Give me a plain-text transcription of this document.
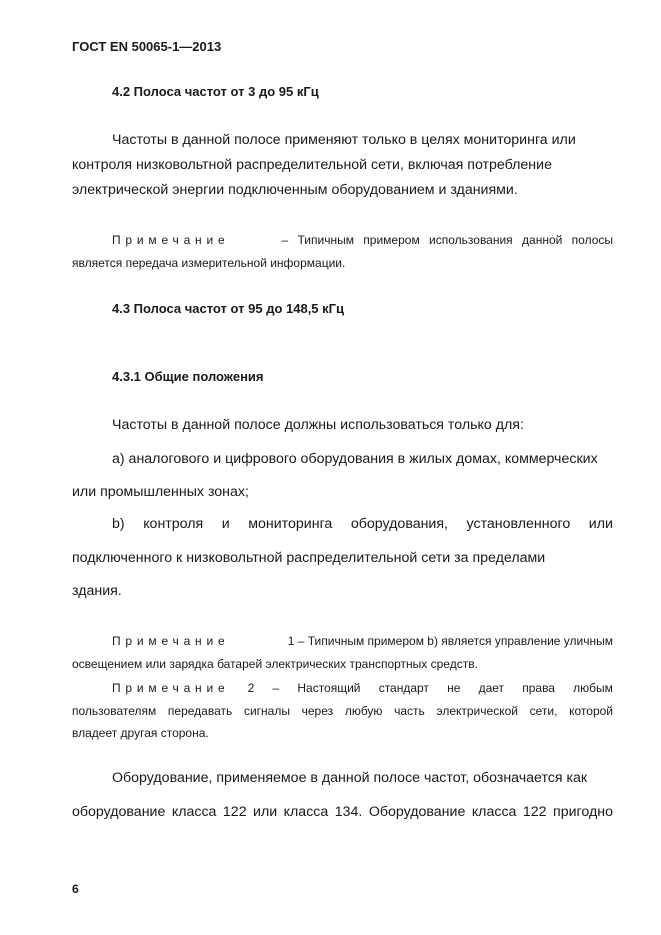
ГОСТ EN 50065-1—2013
4.2 Полоса частот от 3 до 95 кГц
Частоты в данной полосе применяют только в целях мониторинга или
контроля низковольтной распределительной сети, включая потребление
электрической энергии подключенным оборудованием и зданиями.
Примечание	– Типичным примером использования данной полосы
является передача измерительной информации.
4.3 Полоса частот от 95 до 148,5 кГц
4.3.1 Общие положения
Частоты в данной полосе должны использоваться только для:
а) аналогового и цифрового оборудования в жилых домах, коммерческих
или промышленных зонах;
b) контроля и мониторинга оборудования, установленного или
подключенного к низковольтной распределительной сети за пределами
здания.
Примечание	1 – Типичным примером b) является управление уличным
освещением или зарядка батарей электрических транспортных средств.
Примечание 2 – Настоящий стандарт не дает права любым
пользователям передавать сигналы через любую часть электрической сети, которой
владеет другая сторона.
Оборудование, применяемое в данной полосе частот, обозначается как
оборудование класса 122 или класса 134. Оборудование класса 122 пригодно
6
